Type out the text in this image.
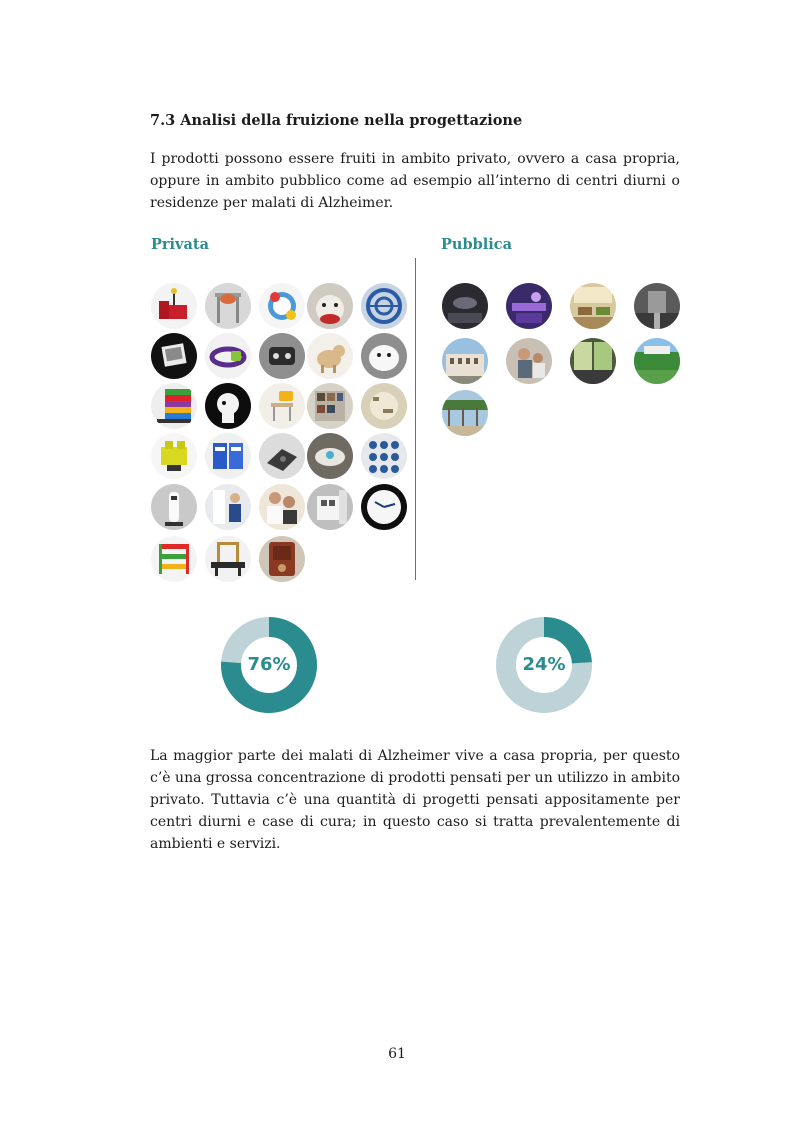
7.3 Analisi della fruizione nella progettazione

I prodotti possono essere fruiti in ambito privato, ovvero a casa propria, oppure in ambito pubblico come ad esempio all’interno di centri diurni o residenze per malati di Alzheimer.

Privata	Pubblica
76%	24%

La maggior parte dei malati di Alzheimer vive a casa propria, per questo c’è una grossa concentrazione di prodotti pensati per un utilizzo in ambito privato. Tuttavia c’è una quantità di progetti pensati appositamente per centri diurni e case di cura; in questo caso si tratta prevalentemente di ambienti e servizi.

61
